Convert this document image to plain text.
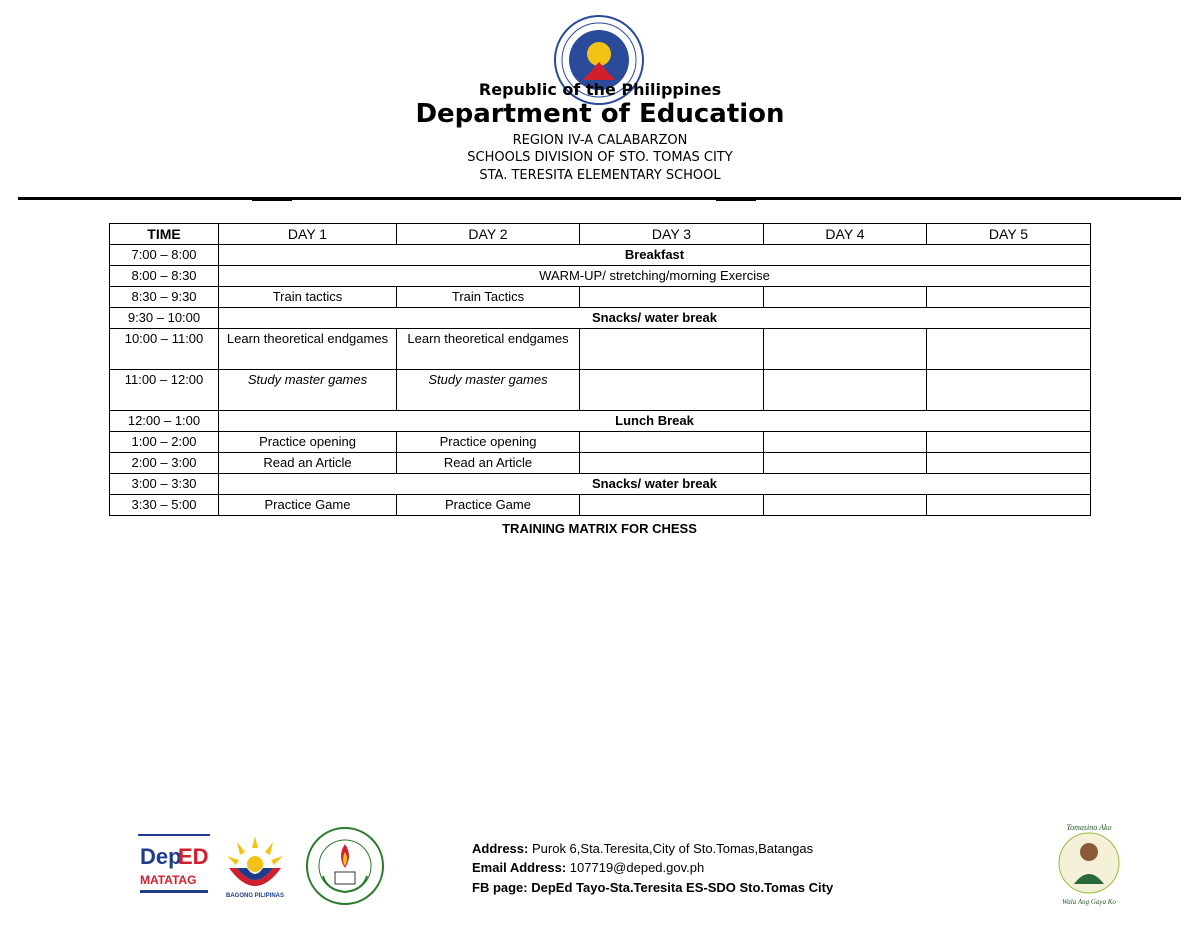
Republic of the Philippines
Department of Education
REGION IV-A CALABARZON
SCHOOLS DIVISION OF STO. TOMAS CITY
STA. TERESITA ELEMENTARY SCHOOL
TIME	DAY 1	DAY 2	DAY 3	DAY 4	DAY 5
7:00 – 8:00	Breakfast				
8:00 – 8:30	WARM-UP/ stretching/morning Exercise				
8:30 – 9:30	Train tactics	Train Tactics			
9:30 – 10:00	Snacks/ water break				
10:00 – 11:00	Learn theoretical endgames	Learn theoretical endgames			
11:00 – 12:00	Study master games	Study master games			
12:00 – 1:00	Lunch Break				
1:00 – 2:00	Practice opening	Practice opening			
2:00 – 3:00	Read an Article	Read an Article			
3:00 – 3:30	Snacks/ water break				
3:30 – 5:00	Practice Game	Practice Game			
TRAINING MATRIX FOR CHESS
Dep
ED
MATATAG
BAGONG PILIPINAS
Address: Purok 6,Sta.Teresita,City of Sto.Tomas,Batangas
Email Address: 107719@deped.gov.ph
FB page: DepEd Tayo-Sta.Teresita ES-SDO Sto.Tomas City
Tomasino Ako
Wala Ang Gaya Ko
